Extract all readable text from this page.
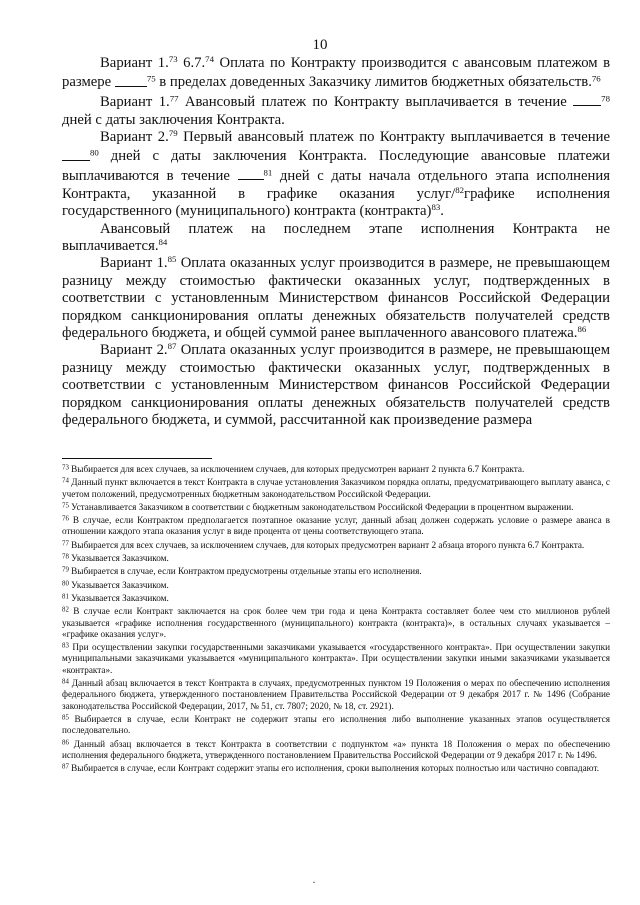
10

Вариант 1.73 6.7.74 Оплата по Контракту производится с авансовым платежом в размере	$^{75}$ в пределах доведенных Заказчику лимитов бюджетных обязательств.$^{76}$

Вариант 1.77 Авансовый платеж по Контракту выплачивается в течение	$^{78}$ дней с даты заключения Контракта.

Вариант 2.79 Первый авансовый платеж по Контракту выплачивается в течение $^{80}$ дней с даты заключения Контракта. Последующие авансовые платежи выплачиваются в течение	$^{81}$ дней с даты начала отдельного этапа исполнения Контракта, указанной в графике оказания услуг/$^{82}$графике исполнения государственного (муниципального) контракта (контракта)$^{83}$.

Авансовый платеж на последнем этапе исполнения Контракта не выплачивается.$^{84}$

Вариант 1.85 Оплата оказанных услуг производится в размере, не превышающем разницу между стоимостью фактически оказанных услуг, подтвержденных в соответствии с установленным Министерством финансов Российской Федерации порядком санкционирования оплаты денежных обязательств получателей средств федерального бюджета, и общей суммой ранее выплаченного авансового платежа.$^{86}$

Вариант 2.87 Оплата оказанных услуг производится в размере, не превышающем разницу между стоимостью фактически оказанных услуг, подтвержденных в соответствии с установленным Министерством финансов Российской Федерации порядком санкционирования оплаты денежных обязательств получателей средств федерального бюджета, и суммой, рассчитанной как произведение размера

$^{73}$ Выбирается для всех случаев, за исключением случаев, для которых предусмотрен вариант 2 пункта 6.7 Контракта.

$^{74}$ Данный пункт включается в текст Контракта в случае установления Заказчиком порядка оплаты, предусматривающего выплату аванса, с учетом положений, предусмотренных бюджетным законодательством Российской Федерации.

$^{75}$ Устанавливается Заказчиком в соответствии с бюджетным законодательством Российской Федерации в процентном выражении.

$^{76}$ В случае, если Контрактом предполагается поэтапное оказание услуг, данный абзац должен содержать условие о размере аванса в отношении каждого этапа оказания услуг в виде процента от цены соответствующего этапа.

$^{77}$ Выбирается для всех случаев, за исключением случаев, для которых предусмотрен вариант 2 абзаца второго пункта 6.7 Контракта.

$^{78}$ Указывается Заказчиком.

$^{79}$ Выбирается в случае, если Контрактом предусмотрены отдельные этапы его исполнения.

$^{80}$ Указывается Заказчиком.

$^{81}$ Указывается Заказчиком.

$^{82}$ В случае если Контракт заключается на срок более чем три года и цена Контракта составляет более чем сто миллионов рублей указывается «графике исполнения государственного (муниципального) контракта (контракта)», в остальных случаях указывается – «графике оказания услуг».

$^{83}$ При осуществлении закупки государственными заказчиками указывается «государственного контракта». При осуществлении закупки муниципальными заказчиками указывается «муниципального контракта». При осуществлении закупки иными заказчиками указывается «контракта».

$^{84}$ Данный абзац включается в текст Контракта в случаях, предусмотренных пунктом 19 Положения о мерах по обеспечению исполнения федерального бюджета, утвержденного постановлением Правительства Российской Федерации от 9 декабря 2017 г. № 1496 (Собрание законодательства Российской Федерации, 2017, № 51, ст. 7807; 2020, № 18, ст. 2921).

$^{85}$ Выбирается в случае, если Контракт не содержит этапы его исполнения либо выполнение указанных этапов осуществляется последовательно.

$^{86}$ Данный абзац включается в текст Контракта в соответствии с подпунктом «а» пункта 18 Положения о мерах по обеспечению исполнения федерального бюджета, утвержденного постановлением Правительства Российской Федерации от 9 декабря 2017 г. № 1496.

$^{87}$ Выбирается в случае, если Контракт содержит этапы его исполнения, сроки выполнения которых полностью или частично совпадают.

·
